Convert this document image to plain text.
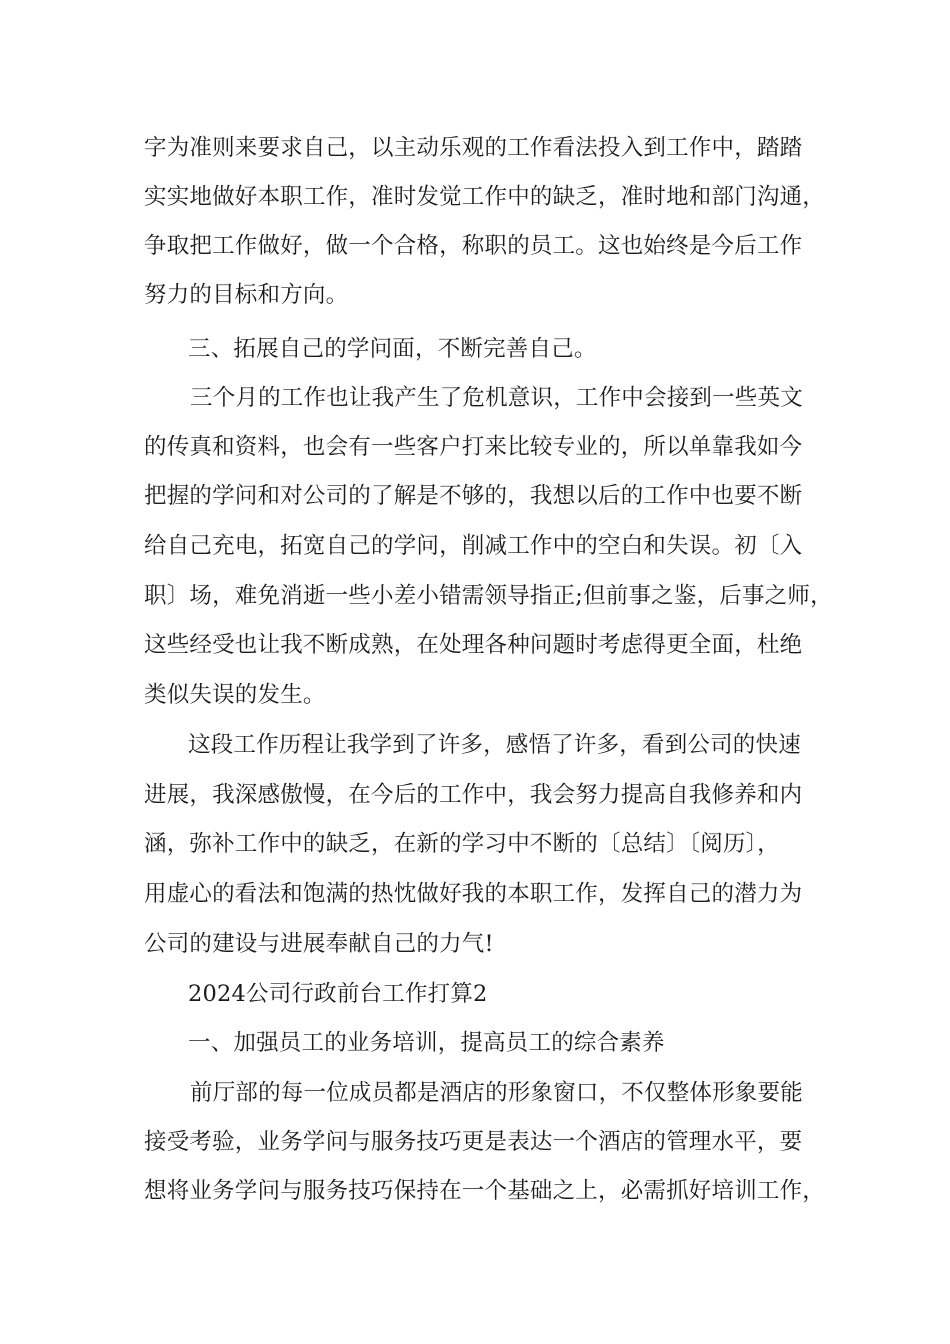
字为准则来要求自己，以主动乐观的工作看法投入到工作中，踏踏
实实地做好本职工作，准时发觉工作中的缺乏，准时地和部门沟通，
争取把工作做好，做一个合格，称职的员工。这也始终是今后工作
努力的目标和方向。
三、拓展自己的学问面，不断完善自己。
三个月的工作也让我产生了危机意识，工作中会接到一些英文
的传真和资料，也会有一些客户打来比较专业的，所以单靠我如今
把握的学问和对公司的了解是不够的，我想以后的工作中也要不断
给自己充电，拓宽自己的学问，削减工作中的空白和失误。初〔入
职〕场，难免消逝一些小差小错需领导指正;但前事之鉴，后事之师，
这些经受也让我不断成熟，在处理各种问题时考虑得更全面，杜绝
类似失误的发生。
这段工作历程让我学到了许多，感悟了许多，看到公司的快速
进展，我深感傲慢，在今后的工作中，我会努力提高自我修养和内
涵，弥补工作中的缺乏，在新的学习中不断的〔总结〕〔阅历〕，
用虚心的看法和饱满的热忱做好我的本职工作，发挥自己的潜力为
公司的建设与进展奉献自己的力气!
2024公司行政前台工作打算2
一、加强员工的业务培训，提高员工的综合素养
前厅部的每一位成员都是酒店的形象窗口，不仅整体形象要能
接受考验，业务学问与服务技巧更是表达一个酒店的管理水平，要
想将业务学问与服务技巧保持在一个基础之上，必需抓好培训工作，
